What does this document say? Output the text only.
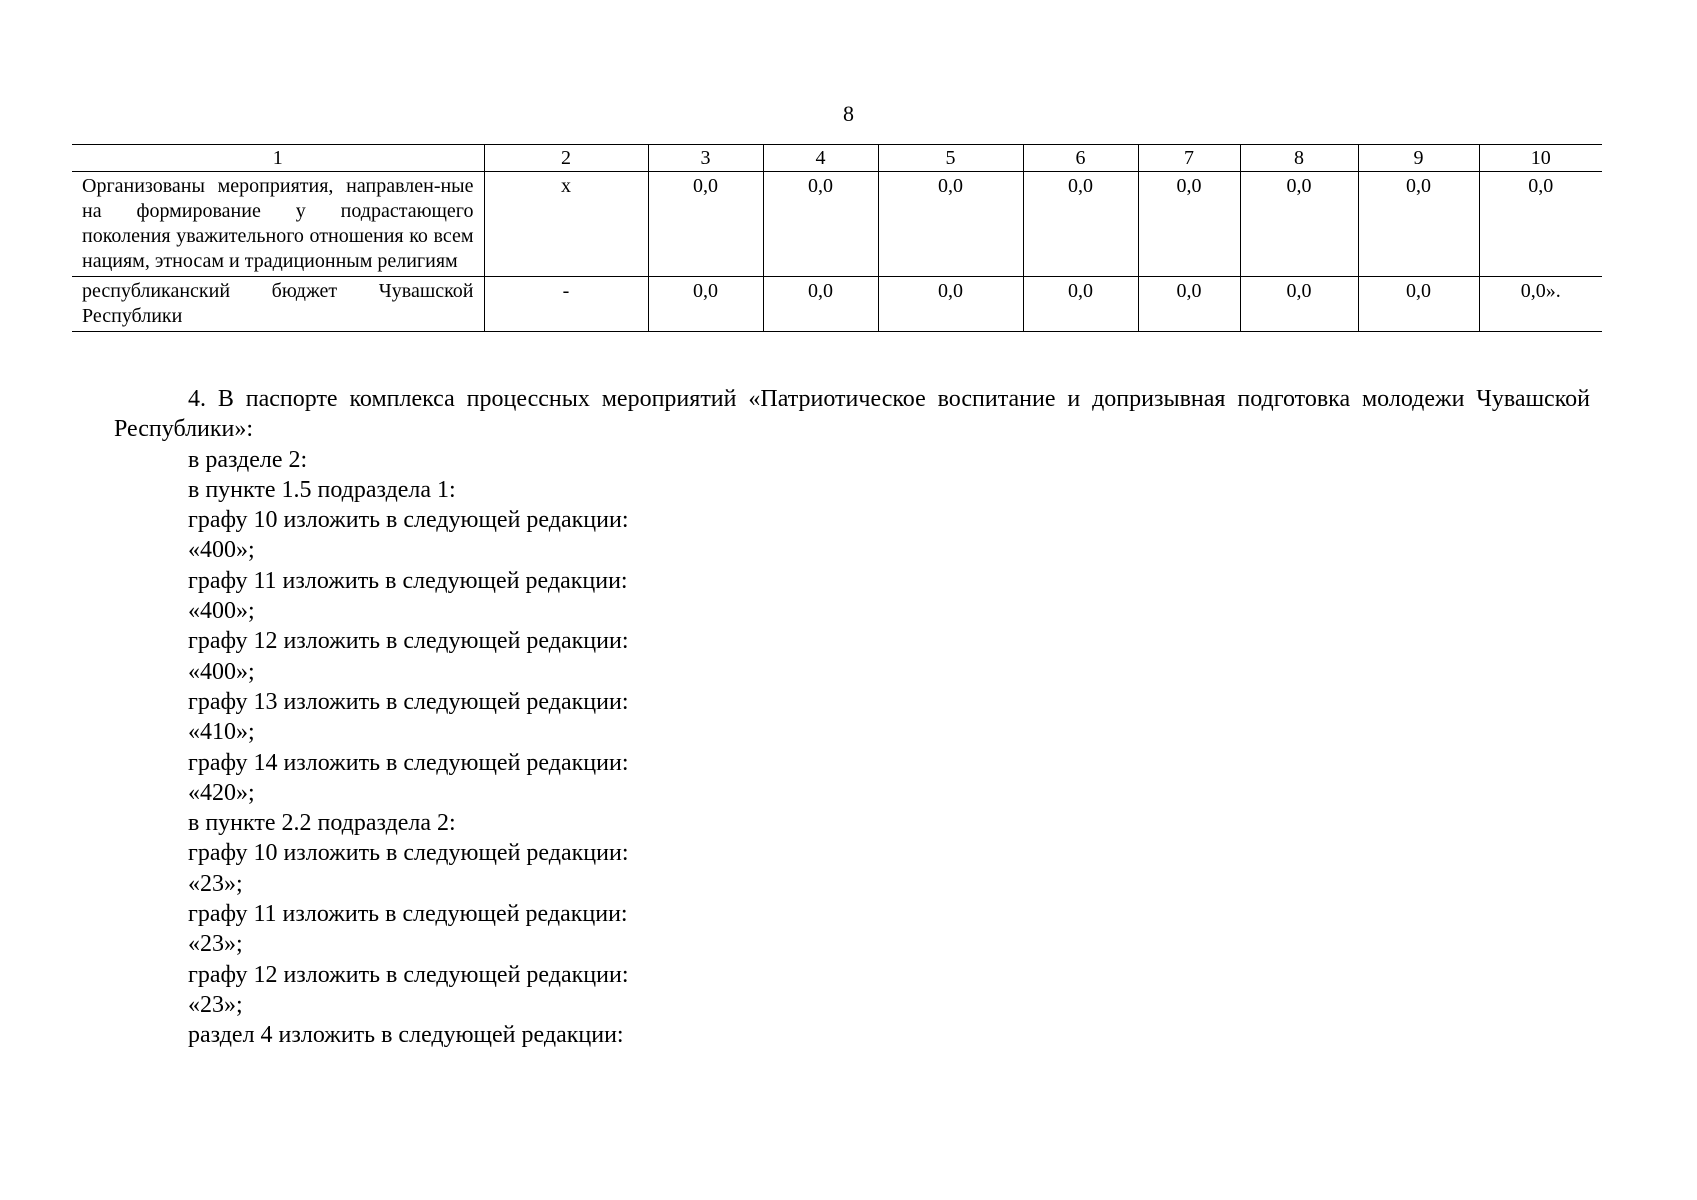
8
1	2	3	4	5	6	7	8	9	10
Организованы мероприятия, направлен-ные на формирование у подрастающего поколения уважительного отношения ко всем нациям, этносам и традиционным религиям	х	0,0	0,0	0,0	0,0	0,0	0,0	0,0	0,0
республиканский бюджет Чувашской Республики	-	0,0	0,0	0,0	0,0	0,0	0,0	0,0	0,0».

4. В паспорте комплекса процессных мероприятий «Патриотическое воспитание и допризывная подготовка молодежи Чувашской Республики»:

в разделе 2:

в пункте 1.5 подраздела 1:

графу 10 изложить в следующей редакции:

«400»;

графу 11 изложить в следующей редакции:

«400»;

графу 12 изложить в следующей редакции:

«400»;

графу 13 изложить в следующей редакции:

«410»;

графу 14 изложить в следующей редакции:

«420»;

в пункте 2.2 подраздела 2:

графу 10 изложить в следующей редакции:

«23»;

графу 11 изложить в следующей редакции:

«23»;

графу 12 изложить в следующей редакции:

«23»;

раздел 4 изложить в следующей редакции:
